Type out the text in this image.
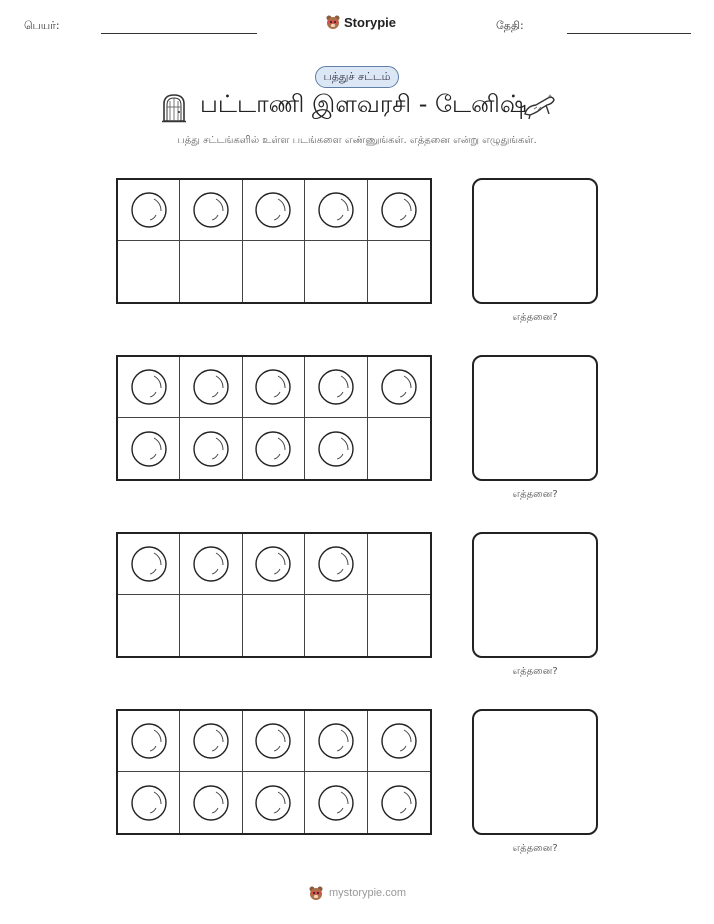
பெயர்:	Storypie	தேதி:
பத்துச் சட்டம்
பட்டாணி இளவரசி - டேனிஷ்
பத்து சட்டங்களில் உள்ள படங்களை எண்ணுங்கள். எத்தனை என்று எழுதுங்கள்.
எத்தனை?
எத்தனை?
எத்தனை?
எத்தனை?
mystorypie.com
